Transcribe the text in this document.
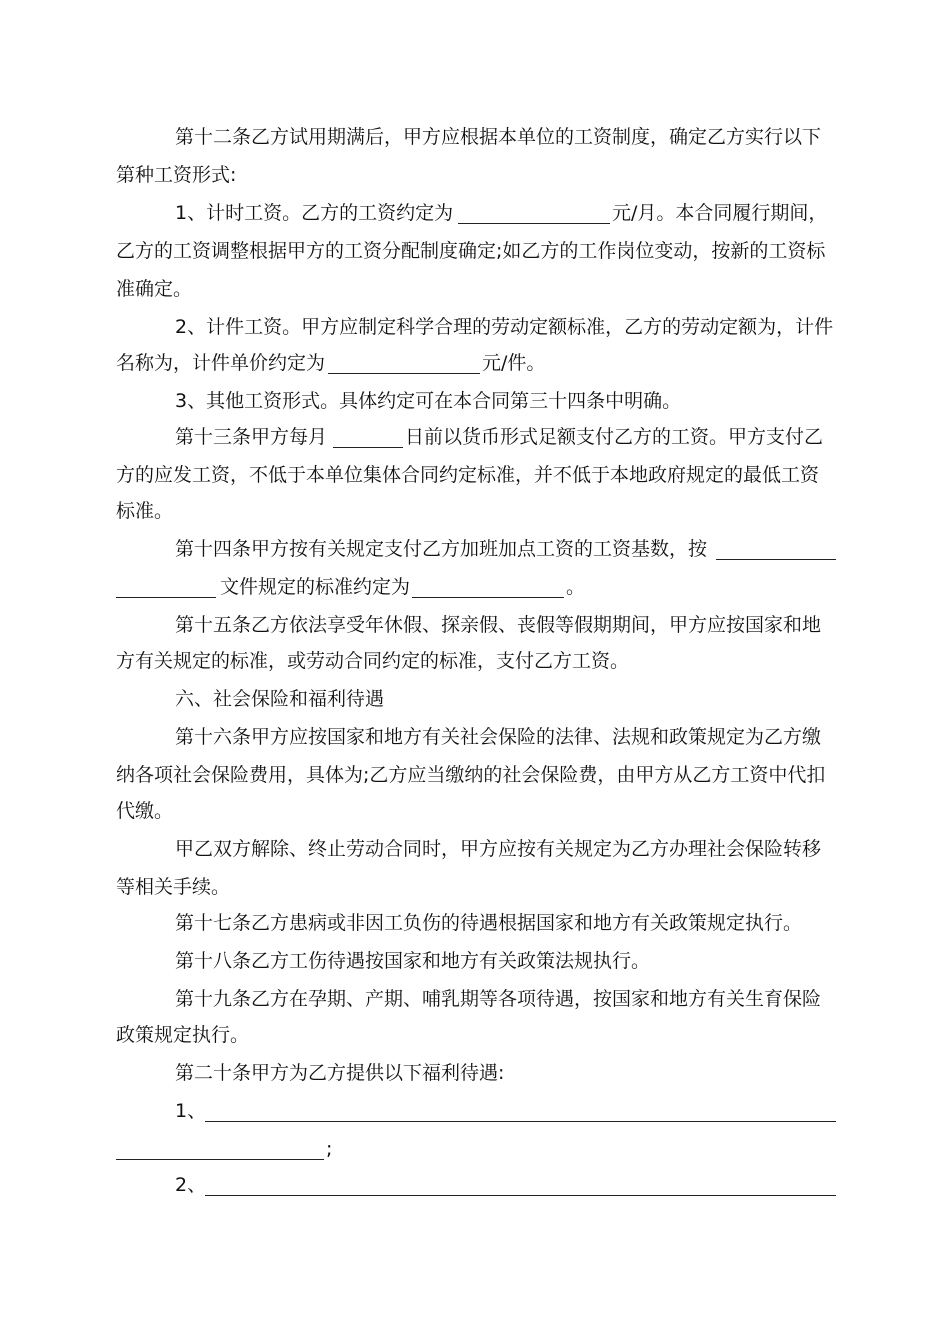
第十二条乙方试用期满后，甲方应根据本单位的工资制度，确定乙方实行以下
第种工资形式:
1、计时工资。乙方的工资约定为	元/月。本合同履行期间，
乙方的工资调整根据甲方的工资分配制度确定;如乙方的工作岗位变动，按新的工资标
准确定。
2、计件工资。甲方应制定科学合理的劳动定额标准，乙方的劳动定额为，计件
名称为，计件单价约定为	元/件。
3、其他工资形式。具体约定可在本合同第三十四条中明确。
第十三条甲方每月	日前以货币形式足额支付乙方的工资。甲方支付乙
方的应发工资，不低于本单位集体合同约定标准，并不低于本地政府规定的最低工资
标准。
第十四条甲方按有关规定支付乙方加班加点工资的工资基数，按
文件规定的标准约定为	。
第十五条乙方依法享受年休假、探亲假、丧假等假期期间，甲方应按国家和地
方有关规定的标准，或劳动合同约定的标准，支付乙方工资。
六、社会保险和福利待遇
第十六条甲方应按国家和地方有关社会保险的法律、法规和政策规定为乙方缴
纳各项社会保险费用，具体为;乙方应当缴纳的社会保险费，由甲方从乙方工资中代扣
代缴。
甲乙双方解除、终止劳动合同时，甲方应按有关规定为乙方办理社会保险转移
等相关手续。
第十七条乙方患病或非因工负伤的待遇根据国家和地方有关政策规定执行。
第十八条乙方工伤待遇按国家和地方有关政策法规执行。
第十九条乙方在孕期、产期、哺乳期等各项待遇，按国家和地方有关生育保险
政策规定执行。
第二十条甲方为乙方提供以下福利待遇:
1、
;
2、
